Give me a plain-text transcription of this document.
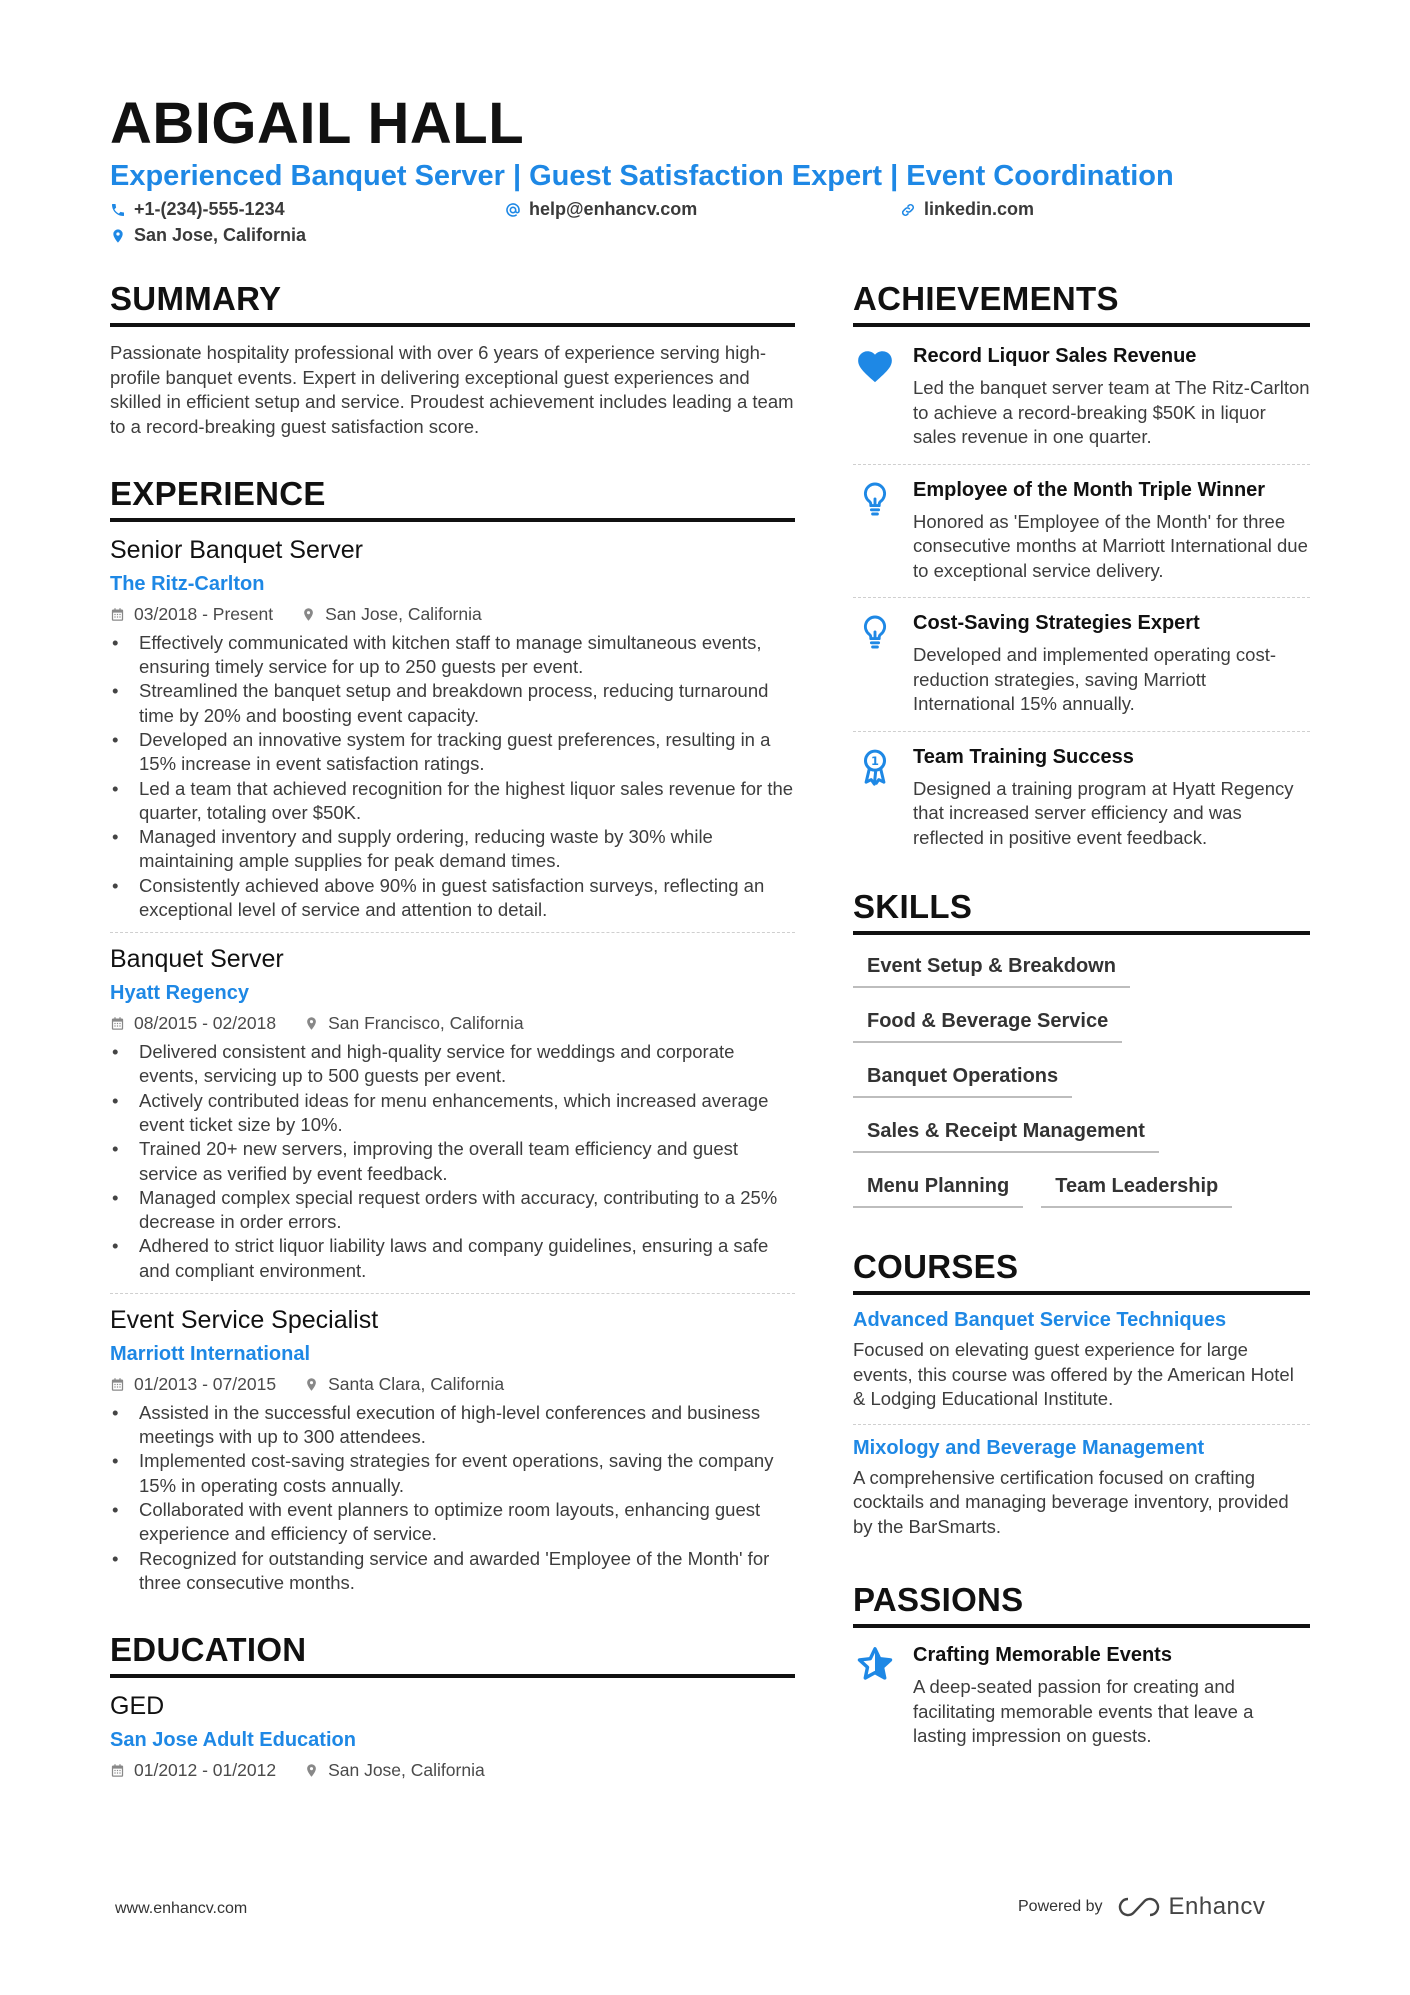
ABIGAIL HALL
Experienced Banquet Server | Guest Satisfaction Expert | Event Coordination
+1-(234)-555-1234	help@enhancv.com	linkedin.com
San Jose, California
SUMMARY

Passionate hospitality professional with over 6 years of experience serving high-profile banquet events. Expert in delivering exceptional guest experiences and skilled in efficient setup and service. Proudest achievement includes leading a team to a record-breaking guest satisfaction score.

EXPERIENCE
Senior Banquet Server
The Ritz-Carlton
03/2018 - Present	San Jose, California
• Effectively communicated with kitchen staff to manage simultaneous events, ensuring timely service for up to 250 guests per event.
• Streamlined the banquet setup and breakdown process, reducing turnaround time by 20% and boosting event capacity.
• Developed an innovative system for tracking guest preferences, resulting in a 15% increase in event satisfaction ratings.
• Led a team that achieved recognition for the highest liquor sales revenue for the quarter, totaling over $50K.
• Managed inventory and supply ordering, reducing waste by 30% while maintaining ample supplies for peak demand times.
• Consistently achieved above 90% in guest satisfaction surveys, reflecting an exceptional level of service and attention to detail.
Banquet Server
Hyatt Regency
08/2015 - 02/2018	San Francisco, California
• Delivered consistent and high-quality service for weddings and corporate events, servicing up to 500 guests per event.
• Actively contributed ideas for menu enhancements, which increased average event ticket size by 10%.
• Trained 20+ new servers, improving the overall team efficiency and guest service as verified by event feedback.
• Managed complex special request orders with accuracy, contributing to a 25% decrease in order errors.
• Adhered to strict liquor liability laws and company guidelines, ensuring a safe and compliant environment.
Event Service Specialist
Marriott International
01/2013 - 07/2015	Santa Clara, California
• Assisted in the successful execution of high-level conferences and business meetings with up to 300 attendees.
• Implemented cost-saving strategies for event operations, saving the company 15% in operating costs annually.
• Collaborated with event planners to optimize room layouts, enhancing guest experience and efficiency of service.
• Recognized for outstanding service and awarded 'Employee of the Month' for three consecutive months.
EDUCATION
GED
San Jose Adult Education
01/2012 - 01/2012	San Jose, California
ACHIEVEMENTS
Record Liquor Sales Revenue

Led the banquet server team at The Ritz-Carlton to achieve a record-breaking $50K in liquor sales revenue in one quarter.

Employee of the Month Triple Winner

Honored as 'Employee of the Month' for three consecutive months at Marriott International due to exceptional service delivery.

Cost-Saving Strategies Expert

Developed and implemented operating cost-reduction strategies, saving Marriott International 15% annually.

1 Team Training Success

Designed a training program at Hyatt Regency that increased server efficiency and was reflected in positive event feedback.

SKILLS
Event Setup & Breakdown
Food & Beverage Service
Banquet Operations
Sales & Receipt Management
Menu Planning	Team Leadership
COURSES
Advanced Banquet Service Techniques

Focused on elevating guest experience for large events, this course was offered by the American Hotel & Lodging Educational Institute.

Mixology and Beverage Management

A comprehensive certification focused on crafting cocktails and managing beverage inventory, provided by the BarSmarts.

PASSIONS
Crafting Memorable Events

A deep-seated passion for creating and facilitating memorable events that leave a lasting impression on guests.

www.enhancv.com	Powered by	Enhancv
